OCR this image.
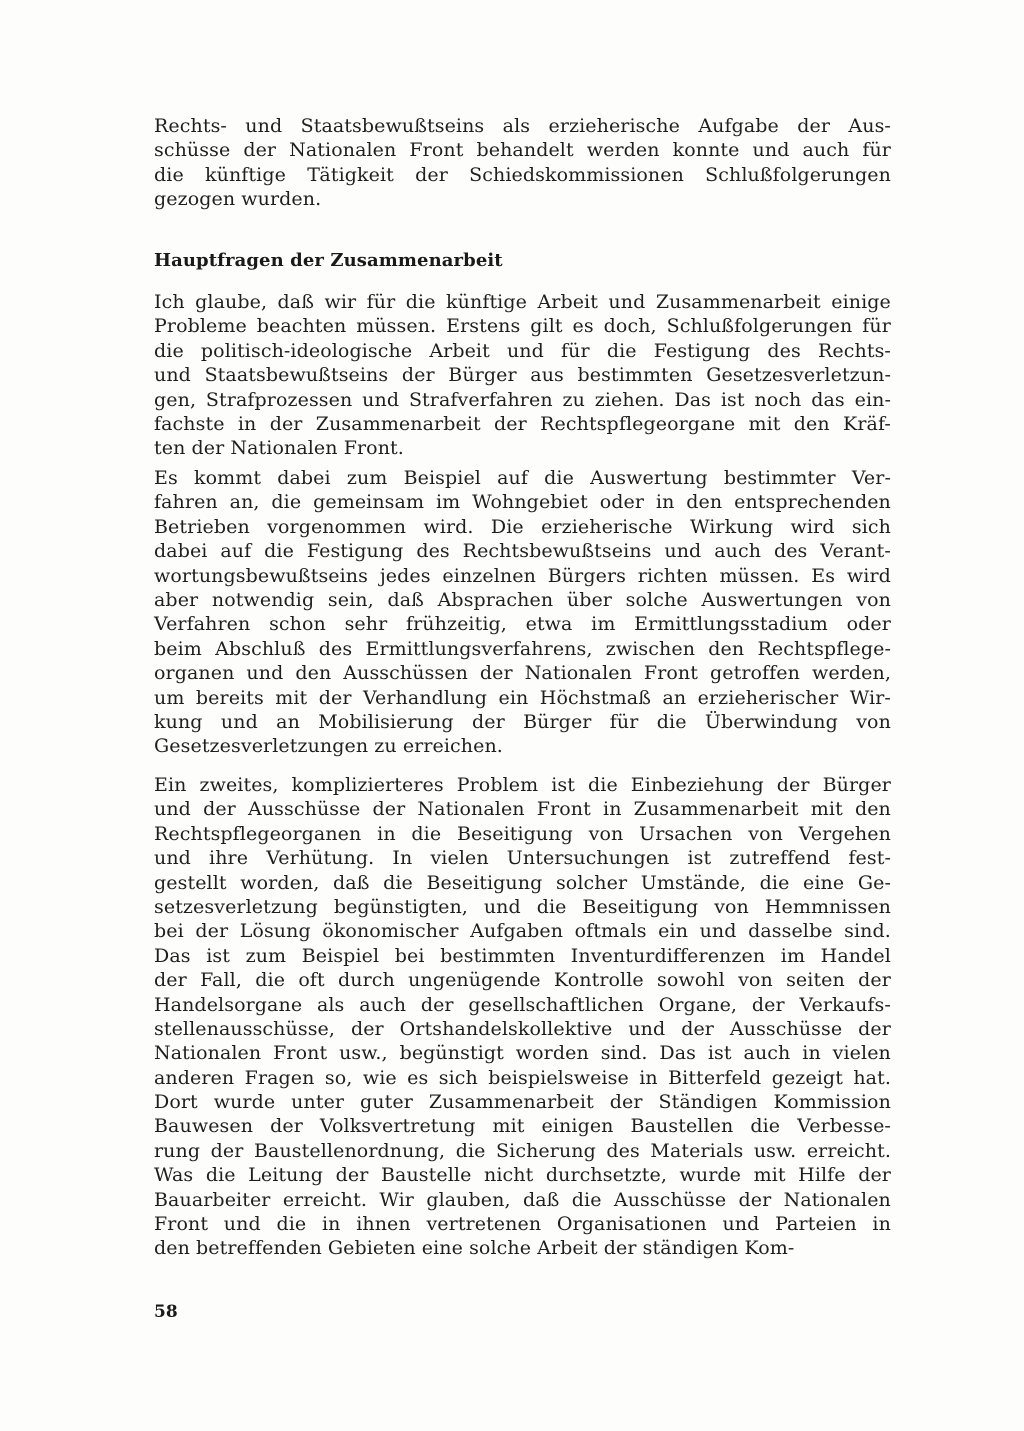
Rechts- und Staatsbewußtseins als erzieherische Aufgabe der Aus-
schüsse der Nationalen Front behandelt werden konnte und auch für
die künftige Tätigkeit der Schiedskommissionen Schlußfolgerungen
gezogen wurden.
Hauptfragen der Zusammenarbeit
Ich glaube, daß wir für die künftige Arbeit und Zusammenarbeit einige
Probleme beachten müssen. Erstens gilt es doch, Schlußfolgerungen für
die politisch-ideologische Arbeit und für die Festigung des Rechts-
und Staatsbewußtseins der Bürger aus bestimmten Gesetzesverletzun-
gen, Strafprozessen und Strafverfahren zu ziehen. Das ist noch das ein-
fachste in der Zusammenarbeit der Rechtspflegeorgane mit den Kräf-
ten der Nationalen Front.
Es kommt dabei zum Beispiel auf die Auswertung bestimmter Ver-
fahren an, die gemeinsam im Wohngebiet oder in den entsprechenden
Betrieben vorgenommen wird. Die erzieherische Wirkung wird sich
dabei auf die Festigung des Rechtsbewußtseins und auch des Verant-
wortungsbewußtseins jedes einzelnen Bürgers richten müssen. Es wird
aber notwendig sein, daß Absprachen über solche Auswertungen von
Verfahren schon sehr frühzeitig, etwa im Ermittlungsstadium oder
beim Abschluß des Ermittlungsverfahrens, zwischen den Rechtspflege-
organen und den Ausschüssen der Nationalen Front getroffen werden,
um bereits mit der Verhandlung ein Höchstmaß an erzieherischer Wir-
kung und an Mobilisierung der Bürger für die Überwindung von
Gesetzesverletzungen zu erreichen.
Ein zweites, komplizierteres Problem ist die Einbeziehung der Bürger
und der Ausschüsse der Nationalen Front in Zusammenarbeit mit den
Rechtspflegeorganen in die Beseitigung von Ursachen von Vergehen
und ihre Verhütung. In vielen Untersuchungen ist zutreffend fest-
gestellt worden, daß die Beseitigung solcher Umstände, die eine Ge-
setzesverletzung begünstigten, und die Beseitigung von Hemmnissen
bei der Lösung ökonomischer Aufgaben oftmals ein und dasselbe sind.
Das ist zum Beispiel bei bestimmten Inventurdifferenzen im Handel
der Fall, die oft durch ungenügende Kontrolle sowohl von seiten der
Handelsorgane als auch der gesellschaftlichen Organe, der Verkaufs-
stellenausschüsse, der Ortshandelskollektive und der Ausschüsse der
Nationalen Front usw., begünstigt worden sind. Das ist auch in vielen
anderen Fragen so, wie es sich beispielsweise in Bitterfeld gezeigt hat.
Dort wurde unter guter Zusammenarbeit der Ständigen Kommission
Bauwesen der Volksvertretung mit einigen Baustellen die Verbesse-
rung der Baustellenordnung, die Sicherung des Materials usw. erreicht.
Was die Leitung der Baustelle nicht durchsetzte, wurde mit Hilfe der
Bauarbeiter erreicht. Wir glauben, daß die Ausschüsse der Nationalen
Front und die in ihnen vertretenen Organisationen und Parteien in
den betreffenden Gebieten eine solche Arbeit der ständigen Kom-
58
